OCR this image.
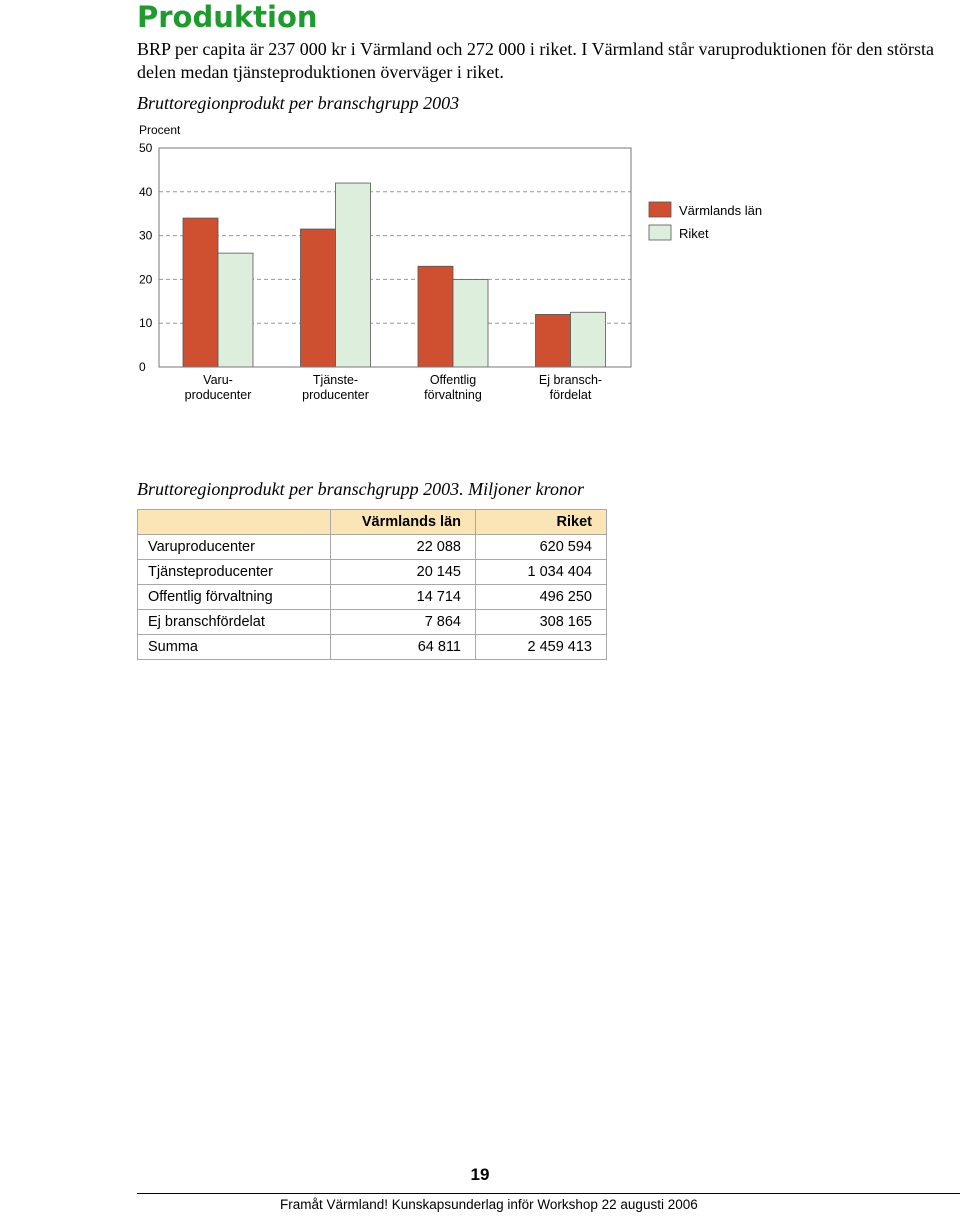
Produktion
BRP per capita är 237 000 kr i Värmland och 272 000 i riket. I Värmland står varuproduktionen för den största delen medan tjänsteproduktionen överväger i riket.
Bruttoregionprodukt per branschgrupp 2003
Procent
0
10
20
30
40
50
Varu-producenter
Tjänste-producenter
Offentlig förvaltning
Ej bransch-fördelat
Värmlands län
Riket
Bruttoregionprodukt per branschgrupp 2003. Miljoner kronor
	Värmlands län	Riket
Varuproducenter	22 088	620 594
Tjänsteproducenter	20 145	1 034 404
Offentlig förvaltning	14 714	496 250
Ej branschfördelat	7 864	308 165
Summa	64 811	2 459 413
19
Framåt Värmland! Kunskapsunderlag inför Workshop 22 augusti 2006
